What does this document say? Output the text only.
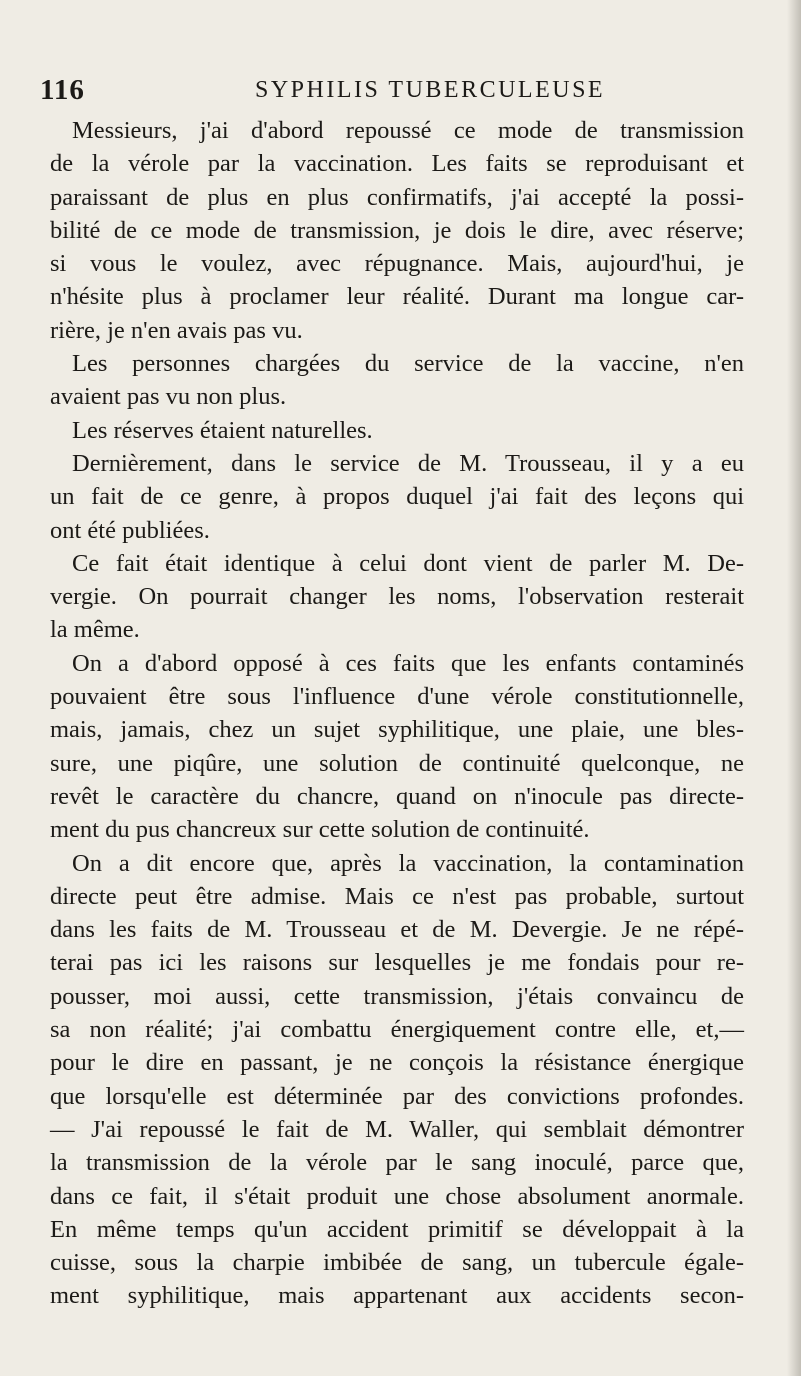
116	SYPHILIS TUBERCULEUSE
Messieurs, j'ai d'abord repoussé ce mode de transmission
de la vérole par la vaccination. Les faits se reproduisant et
paraissant de plus en plus confirmatifs, j'ai accepté la possi-
bilité de ce mode de transmission, je dois le dire, avec réserve;
si vous le voulez, avec répugnance. Mais, aujourd'hui, je
n'hésite plus à proclamer leur réalité. Durant ma longue car-
rière, je n'en avais pas vu.
Les personnes chargées du service de la vaccine, n'en
avaient pas vu non plus.
Les réserves étaient naturelles.
Dernièrement, dans le service de M. Trousseau, il y a eu
un fait de ce genre, à propos duquel j'ai fait des leçons qui
ont été publiées.
Ce fait était identique à celui dont vient de parler M. De-
vergie. On pourrait changer les noms, l'observation resterait
la même.
On a d'abord opposé à ces faits que les enfants contaminés
pouvaient être sous l'influence d'une vérole constitutionnelle,
mais, jamais, chez un sujet syphilitique, une plaie, une bles-
sure, une piqûre, une solution de continuité quelconque, ne
revêt le caractère du chancre, quand on n'inocule pas directe-
ment du pus chancreux sur cette solution de continuité.
On a dit encore que, après la vaccination, la contamination
directe peut être admise. Mais ce n'est pas probable, surtout
dans les faits de M. Trousseau et de M. Devergie. Je ne répé-
terai pas ici les raisons sur lesquelles je me fondais pour re-
pousser, moi aussi, cette transmission, j'étais convaincu de
sa non réalité; j'ai combattu énergiquement contre elle, et,—
pour le dire en passant, je ne conçois la résistance énergique
que lorsqu'elle est déterminée par des convictions profondes.
— J'ai repoussé le fait de M. Waller, qui semblait démontrer
la transmission de la vérole par le sang inoculé, parce que,
dans ce fait, il s'était produit une chose absolument anormale.
En même temps qu'un accident primitif se développait à la
cuisse, sous la charpie imbibée de sang, un tubercule égale-
ment syphilitique, mais appartenant aux accidents secon-
